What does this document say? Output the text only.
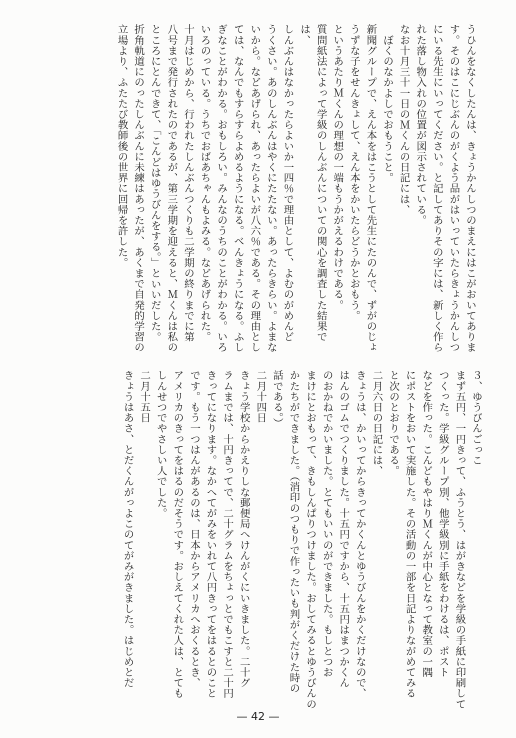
うひんをなくしたんは、きょうかんしつのまえにはこがおいてありま
す。そのはこにじぶんのがくよう品がはいっていたらきょうかんしつ
にいる先生にいってください。と記してありその字には、新しく作ら
れた落し物入れの位置が図示されている。
なお十月三十一日のＭくんの日記には、
　ぼくのなかよしでおもうこと。
新聞グループで、えん本をはこうとして先生にたのんで、ずがのじょ
うずな子をせんきょして、えん本をかいたらどうかとおもう。
というあたりＭくんの理想の一端もうかがえるわけである。
質問紙法によって学級のしんぶんについての関心を調査した結果で
は、
しんぶんはなかったらよいか一四％で理由として、よむのがめんど
うくさい。あのしんぶんはやくにたたない。あったらきらい。よまな
いから。などあげられ、あったらよいが八六％である。その理由とし
ては、なんでもすらすらよめるようになる。べんきょうになる。ふし
ぎなことがわかる。おもしろい。みんなのうちのことがわかる。いろ
いろのっている。うちでおばあちゃんもよみる。などあげられた。
十月はじめから、行われたしんぶんつくりも二学期の終りまでに第
八号まで発行されたのであるが、第三学期を迎えると、Ｍくんは私の
ところにとんできて、「こんどはゆうびんをする。」といいだした。
折角軌道にのったしんぶんに未練はあったが、あくまで自発的学習の
立場より、ふたたび教師後の世界に回帰を許した。
３、ゆうびんごっこ
まず五円、一円きって、ふうとう、はがきなどを学級の手紙に印刷して
つくった。学級グループ別、他学級別に手紙をわけるは、ポスト
などを作った。こんどもやはりＭくんが中心となって教室の一隅
にポストをおいて実施した。その活動の一部を日記よりながめてみる
と次のとおりである。
二月六日の日記には、
きょうは、かいってからきってかくんとゆうびんをかくだけなので、
はんのゴムでつくりました。十五円ですから、十五円はまつかくん
のおかねでかいました。とてもいいのができました。もしとつお
まけにとおもって、きもしんぱりつけました。おしてみるとゆうびんの
かたちができました。（消印のつもりで作ったいも判がくだけた時の
話である。）
二月十四日
きょう学校からかえりしな郵便局へけんがくにいきました。二十グ
ラムまでは、十円きってで、二十グラムをちょっとでもこすと二十円
きってになります。なかへてがみをいれて八円きってをはるとのこと
です。もう一つはんがあるのは、日本からアメリカへおくるとき、
アメリカのきってをはるのだそうです。おしえてくれた人は、とても
しんせつでやさしい人でした。
二月十五日
きょうはあさ、とだくんがっよこのてがみがきました。はじめとだ
— 42 —
